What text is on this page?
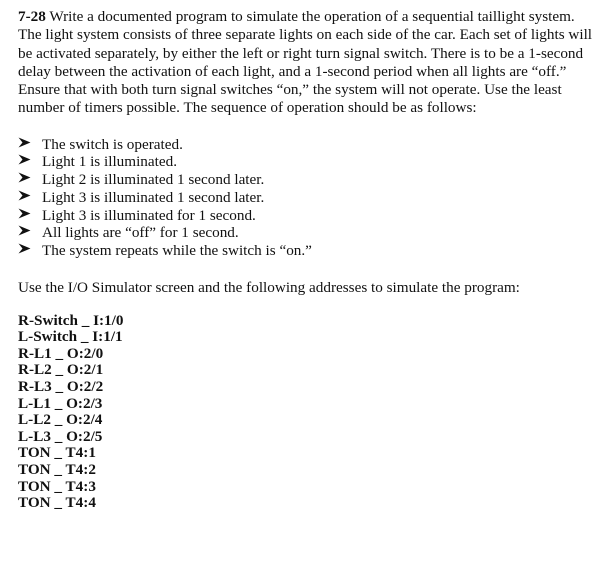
7-28 Write a documented program to simulate the operation of a sequential taillight system. The light system consists of three separate lights on each side of the car. Each set of lights will be activated separately, by either the left or right turn signal switch. There is to be a 1-second delay between the activation of each light, and a 1-second period when all lights are “off.” Ensure that with both turn signal switches “on,” the system will not operate. Use the least number of timers possible. The sequence of operation should be as follows:

The switch is operated.
Light 1 is illuminated.
Light 2 is illuminated 1 second later.
Light 3 is illuminated 1 second later.
Light 3 is illuminated for 1 second.
All lights are “off” for 1 second.
The system repeats while the switch is “on.”

Use the I/O Simulator screen and the following addresses to simulate the program:

R-Switch _ I:1/0
L-Switch _ I:1/1
R-L1 _ O:2/0
R-L2 _ O:2/1
R-L3 _ O:2/2
L-L1 _ O:2/3
L-L2 _ O:2/4
L-L3 _ O:2/5
TON _ T4:1
TON _ T4:2
TON _ T4:3
TON _ T4:4
